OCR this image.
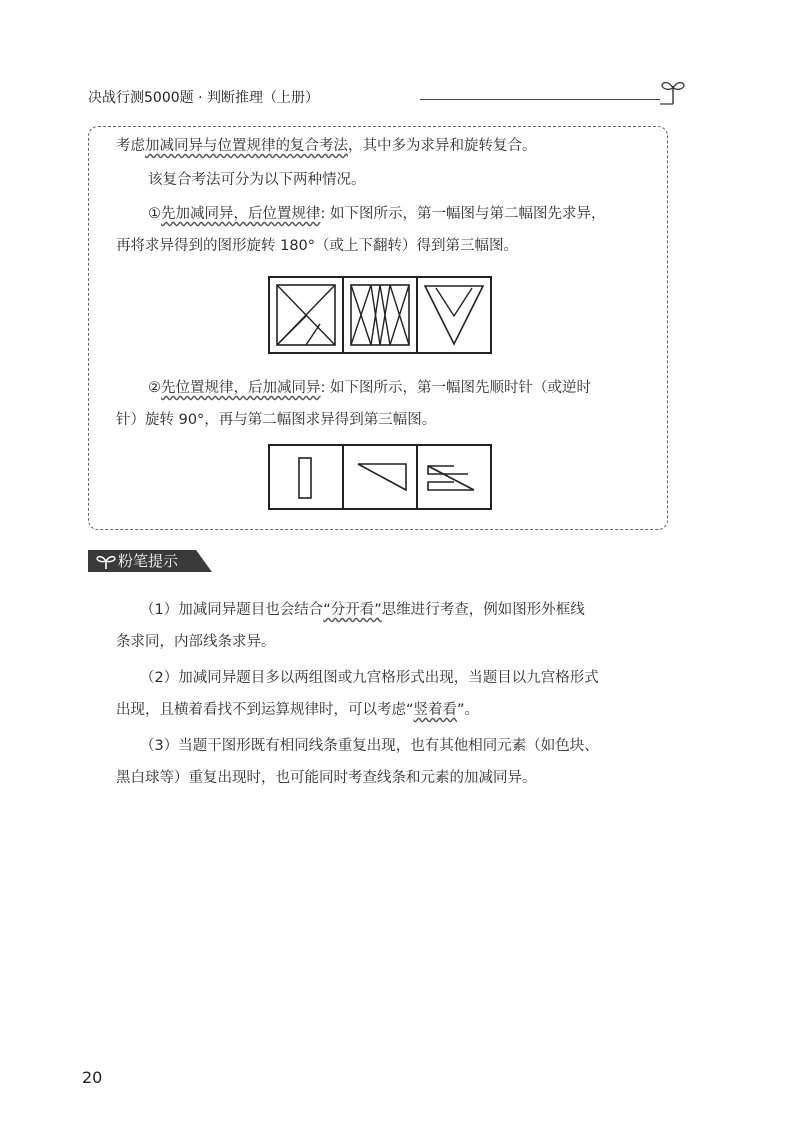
决战行测5000题 · 判断推理（上册）
考虑加减同异与位置规律的复合考法，其中多为求异和旋转复合。
该复合考法可分为以下两种情况。
①先加减同异，后位置规律: 如下图所示，第一幅图与第二幅图先求异，
再将求异得到的图形旋转 180°（或上下翻转）得到第三幅图。
②先位置规律，后加减同异: 如下图所示，第一幅图先顺时针（或逆时
针）旋转 90°，再与第二幅图求异得到第三幅图。
粉笔提示
（1）加减同异题目也会结合“分开看”思维进行考查，例如图形外框线
条求同，内部线条求异。
（2）加减同异题目多以两组图或九宫格形式出现，当题目以九宫格形式
出现，且横着看找不到运算规律时，可以考虑“竖着看”。
（3）当题干图形既有相同线条重复出现，也有其他相同元素（如色块、
黑白球等）重复出现时，也可能同时考查线条和元素的加减同异。
20
